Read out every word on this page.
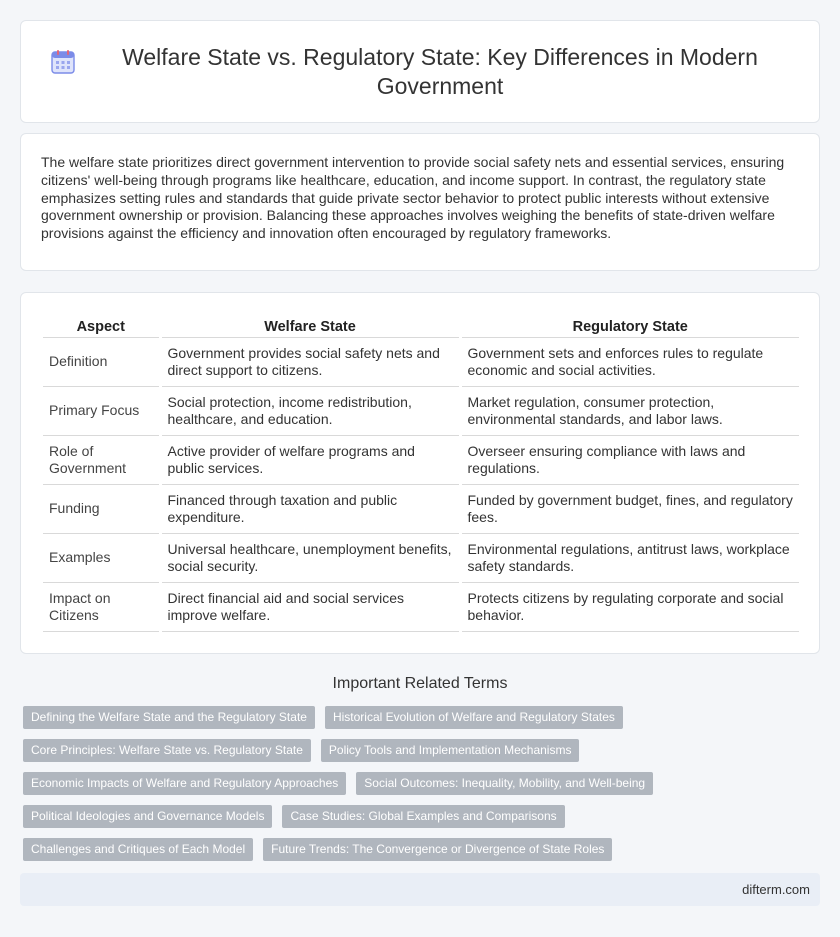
Welfare State vs. Regulatory State: Key Differences in Modern Government

The welfare state prioritizes direct government intervention to provide social safety nets and essential services, ensuring citizens' well-being through programs like healthcare, education, and income support. In contrast, the regulatory state emphasizes setting rules and standards that guide private sector behavior to protect public interests without extensive government ownership or provision. Balancing these approaches involves weighing the benefits of state-driven welfare provisions against the efficiency and innovation often encouraged by regulatory frameworks.

Aspect	Welfare State	Regulatory State
Definition	Government provides social safety nets and direct support to citizens.	Government sets and enforces rules to regulate economic and social activities.
Primary Focus	Social protection, income redistribution, healthcare, and education.	Market regulation, consumer protection, environmental standards, and labor laws.
Role of Government	Active provider of welfare programs and public services.	Overseer ensuring compliance with laws and regulations.
Funding	Financed through taxation and public expenditure.	Funded by government budget, fines, and regulatory fees.
Examples	Universal healthcare, unemployment benefits, social security.	Environmental regulations, antitrust laws, workplace safety standards.
Impact on Citizens	Direct financial aid and social services improve welfare.	Protects citizens by regulating corporate and social behavior.
Important Related Terms
Defining the Welfare State and the Regulatory State	Historical Evolution of Welfare and Regulatory States
Core Principles: Welfare State vs. Regulatory State	Policy Tools and Implementation Mechanisms
Economic Impacts of Welfare and Regulatory Approaches	Social Outcomes: Inequality, Mobility, and Well-being
Political Ideologies and Governance Models	Case Studies: Global Examples and Comparisons
Challenges and Critiques of Each Model	Future Trends: The Convergence or Divergence of State Roles
difterm.com
